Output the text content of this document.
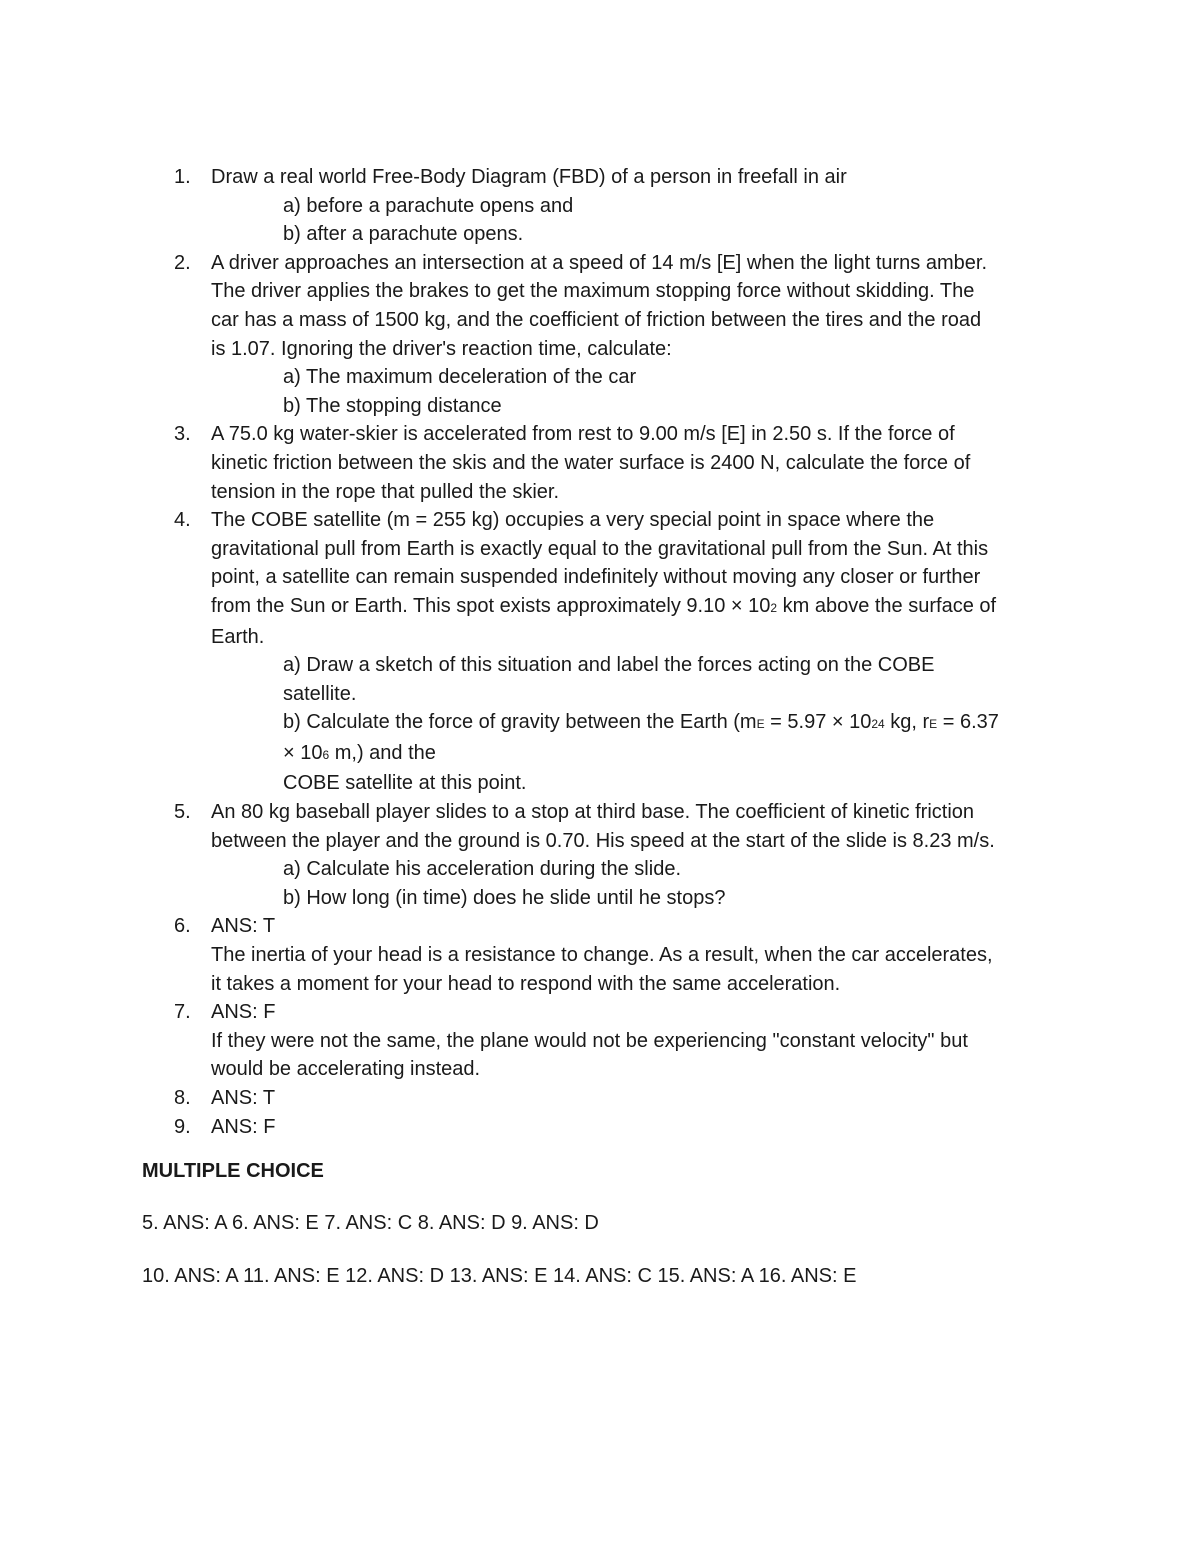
1. Draw a real world Free-Body Diagram (FBD) of a person in freefall in air
a) before a parachute opens and
b) after a parachute opens.
2. A driver approaches an intersection at a speed of 14 m/s [E] when the light turns amber.
The driver applies the brakes to get the maximum stopping force without skidding. The
car has a mass of 1500 kg, and the coefficient of friction between the tires and the road
is 1.07. Ignoring the driver's reaction time, calculate:
a) The maximum deceleration of the car
b) The stopping distance
3. A 75.0 kg water-skier is accelerated from rest to 9.00 m/s [E] in 2.50 s. If the force of
kinetic friction between the skis and the water surface is 2400 N, calculate the force of
tension in the rope that pulled the skier.
4. The COBE satellite (m = 255 kg) occupies a very special point in space where the
gravitational pull from Earth is exactly equal to the gravitational pull from the Sun. At this
point, a satellite can remain suspended indefinitely without moving any closer or further
from the Sun or Earth. This spot exists approximately 9.10 × 102 km above the surface of
Earth.
a) Draw a sketch of this situation and label the forces acting on the COBE
satellite.
b) Calculate the force of gravity between the Earth (mE = 5.97 × 1024 kg, rE = 6.37
× 106 m,) and the
COBE satellite at this point.
5. An 80 kg baseball player slides to a stop at third base. The coefficient of kinetic friction
between the player and the ground is 0.70. His speed at the start of the slide is 8.23 m/s.
a) Calculate his acceleration during the slide.
b) How long (in time) does he slide until he stops?
6. ANS: T
The inertia of your head is a resistance to change. As a result, when the car accelerates,
it takes a moment for your head to respond with the same acceleration.
7. ANS: F
If they were not the same, the plane would not be experiencing "constant velocity" but
would be accelerating instead.
8. ANS: T
9. ANS: F
MULTIPLE CHOICE
5. ANS: A 6. ANS: E 7. ANS: C 8. ANS: D 9. ANS: D
10. ANS: A 11. ANS: E 12. ANS: D 13. ANS: E 14. ANS: C 15. ANS: A 16. ANS: E
